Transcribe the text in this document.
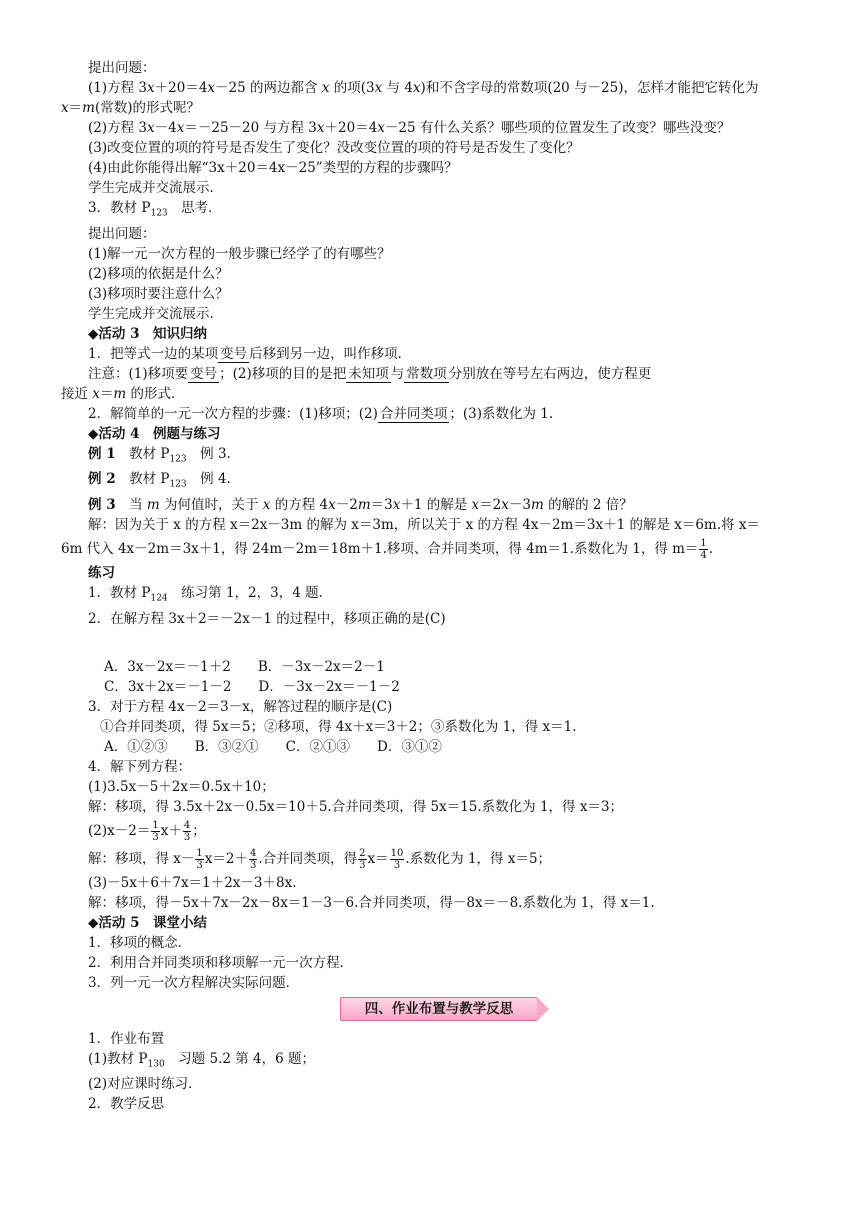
提出问题：
(1)方程 3x＋20＝4x－25 的两边都含 x 的项(3x 与 4x)和不含字母的常数项(20 与－25)，怎样才能把它转化为
x＝m(常数)的形式呢？
(2)方程 3x－4x＝－25－20 与方程 3x＋20＝4x－25 有什么关系？哪些项的位置发生了改变？哪些没变？
(3)改变位置的项的符号是否发生了变化？没改变位置的项的符号是否发生了变化？
(4)由此你能得出解“3x＋20＝4x－25”类型的方程的步骤吗？
学生完成并交流展示．
3．教材 $P_{123}$　思考．
提出问题：
(1)解一元一次方程的一般步骤已经学了的有哪些？
(2)移项的依据是什么？
(3)移项时要注意什么？
学生完成并交流展示．
◆活动 3　知识归纳
1．把等式一边的某项 变号 后移到另一边，叫作移项．
注意：(1)移项要 变号 ；(2)移项的目的是把 未知项 与 常数项 分别放在等号左右两边，使方程更
接近 x＝m 的形式．
2．解简单的一元一次方程的步骤：(1)移项；(2) 合并同类项 ；(3)系数化为 1.
◆活动 4　例题与练习
例 1　教材 $P_{123}$　例 3.
例 2　教材 $P_{123}$　例 4.
例 3　当 m 为何值时，关于 x 的方程 4x－2m＝3x＋1 的解是 x＝2x－3m 的解的 2 倍？
解：因为关于 x 的方程 x＝2x－3m 的解为 x＝3m，所以关于 x 的方程 4x－2m＝3x＋1 的解是 x＝6m.将 x＝
6m 代入 4x－2m＝3x＋1，得 24m－2m＝18m＋1.移项、合并同类项，得 4m＝1.系数化为 1，得 $m= \frac{1}{4}$ .
练习
1．教材 $P_{124}$　练习第 1，2，3，4 题．
2．在解方程 3x＋2＝－2x－1 的过程中，移项正确的是(C)
A．3x－2x＝－1＋2　　B．－3x－2x＝2－1
C．3x＋2x＝－1－2　　D．－3x－2x＝－1－2
3．对于方程 4x－2＝3－x，解答过程的顺序是(C)
①合并同类项，得 5x＝5；②移项，得 4x＋x＝3＋2；③系数化为 1，得 x＝1.
A．①②③　　B．③②①　　C．②①③　　D．③①②
4．解下列方程：
(1)3.5x－5＋2x＝0.5x＋10；
解：移项，得 3.5x＋2x－0.5x＝10＋5.合并同类项，得 5x＝15.系数化为 1，得 x＝3；
$(2)x-2= \frac{1}{3} x+ \frac{4}{3}$ ；
解：移项，得 $x- \frac{1}{3} x=2+ \frac{4}{3}$ .合并同类项，得 $\frac{2}{3} x= \frac{10}{3}$ .系数化为 1，得 x＝5；
(3)－5x＋6＋7x＝1＋2x－3＋8x.
解：移项，得－5x＋7x－2x－8x＝1－3－6.合并同类项，得－8x＝－8.系数化为 1，得 x＝1.
◆活动 5　课堂小结
1．移项的概念．
2．利用合并同类项和移项解一元一次方程．
3．列一元一次方程解决实际问题．
四、作业布置与教学反思
1．作业布置
(1)教材 $P_{130}$　习题 5.2 第 4，6 题；
(2)对应课时练习．
2．教学反思
